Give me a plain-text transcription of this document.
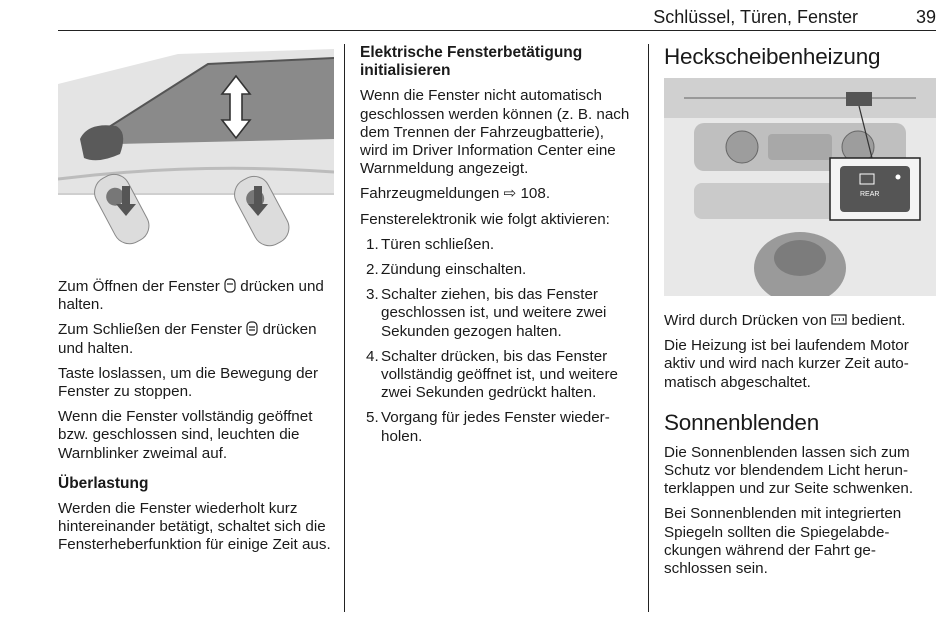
Schlüssel, Türen, Fenster	39

Zum Öffnen der Fenster drücken und halten.

Zum Schließen der Fenster drücken und halten.

Taste loslassen, um die Bewegung der Fenster zu stoppen.

Wenn die Fenster vollständig geöffnet bzw. geschlossen sind, leuchten die Warnblinker zweimal auf.

Überlastung

Werden die Fenster wiederholt kurz hintereinander betätigt, schaltet sich die Fensterheberfunktion für einige Zeit aus.

Elektrische Fensterbetätigung initialisieren

Wenn die Fenster nicht automatisch geschlossen werden können (z. B. nach dem Trennen der Fahrzeugbatterie), wird im Driver Information Center eine Warnmeldung angezeigt.

Fahrzeugmeldungen ⇨ 108.

Fensterelektronik wie folgt aktivieren:

1. Türen schließen.
2. Zündung einschalten.
3. Schalter ziehen, bis das Fenster geschlossen ist, und weitere zwei Sekunden gezogen halten.
4. Schalter drücken, bis das Fenster vollständig geöffnet ist, und weitere zwei Sekunden gedrückt halten.
5. Vorgang für jedes Fenster wiederholen.
Heckscheibenheizung
REAR

Wird durch Drücken von bedient.

Die Heizung ist bei laufendem Motor aktiv und wird nach kurzer Zeit automatisch abgeschaltet.

Sonnenblenden

Die Sonnenblenden lassen sich zum Schutz vor blendendem Licht herunterklappen und zur Seite schwenken.

Bei Sonnenblenden mit integrierten Spiegeln sollten die Spiegelabdeckungen während der Fahrt geschlossen sein.
